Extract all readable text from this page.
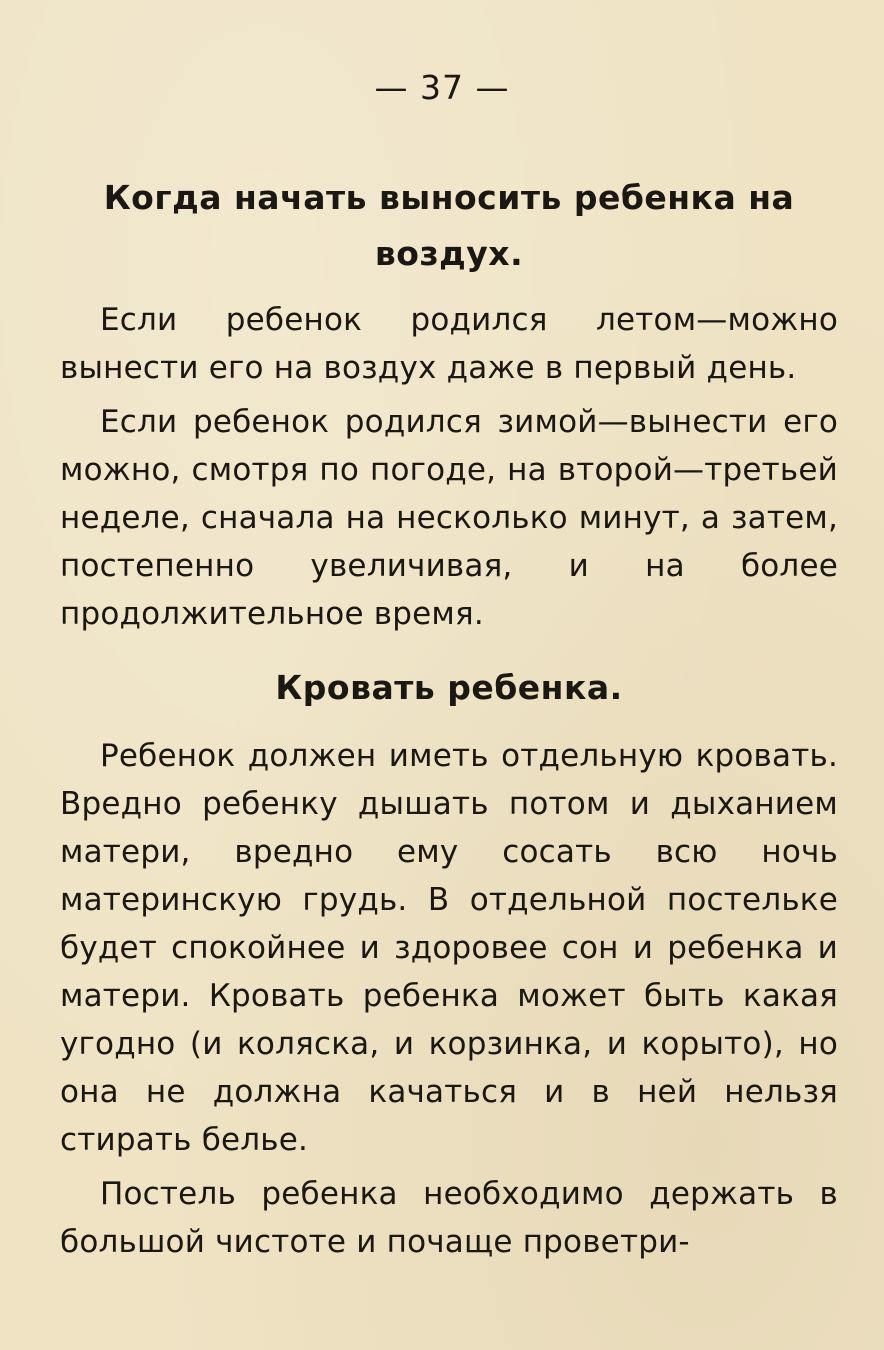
— 37 —
Когда начать выносить ребенка на воздух.

Если ребенок родился летом—можно вынести его на воздух даже в первый день.

Если ребенок родился зимой—вынести его можно, смотря по погоде, на второй—третьей неделе, сначала на несколько минут, а затем, постепенно увеличивая, и на более продолжительное время.

Кровать ребенка.

Ребенок должен иметь отдельную кровать. Вредно ребенку дышать потом и дыханием матери, вредно ему сосать всю ночь материнскую грудь. В отдельной постельке будет спокойнее и здоровее сон и ребенка и матери. Кровать ребенка может быть какая угодно (и коляска, и корзинка, и корыто), но она не должна качаться и в ней нельзя стирать белье.

Постель ребенка необходимо держать в большой чистоте и почаще проветри-
